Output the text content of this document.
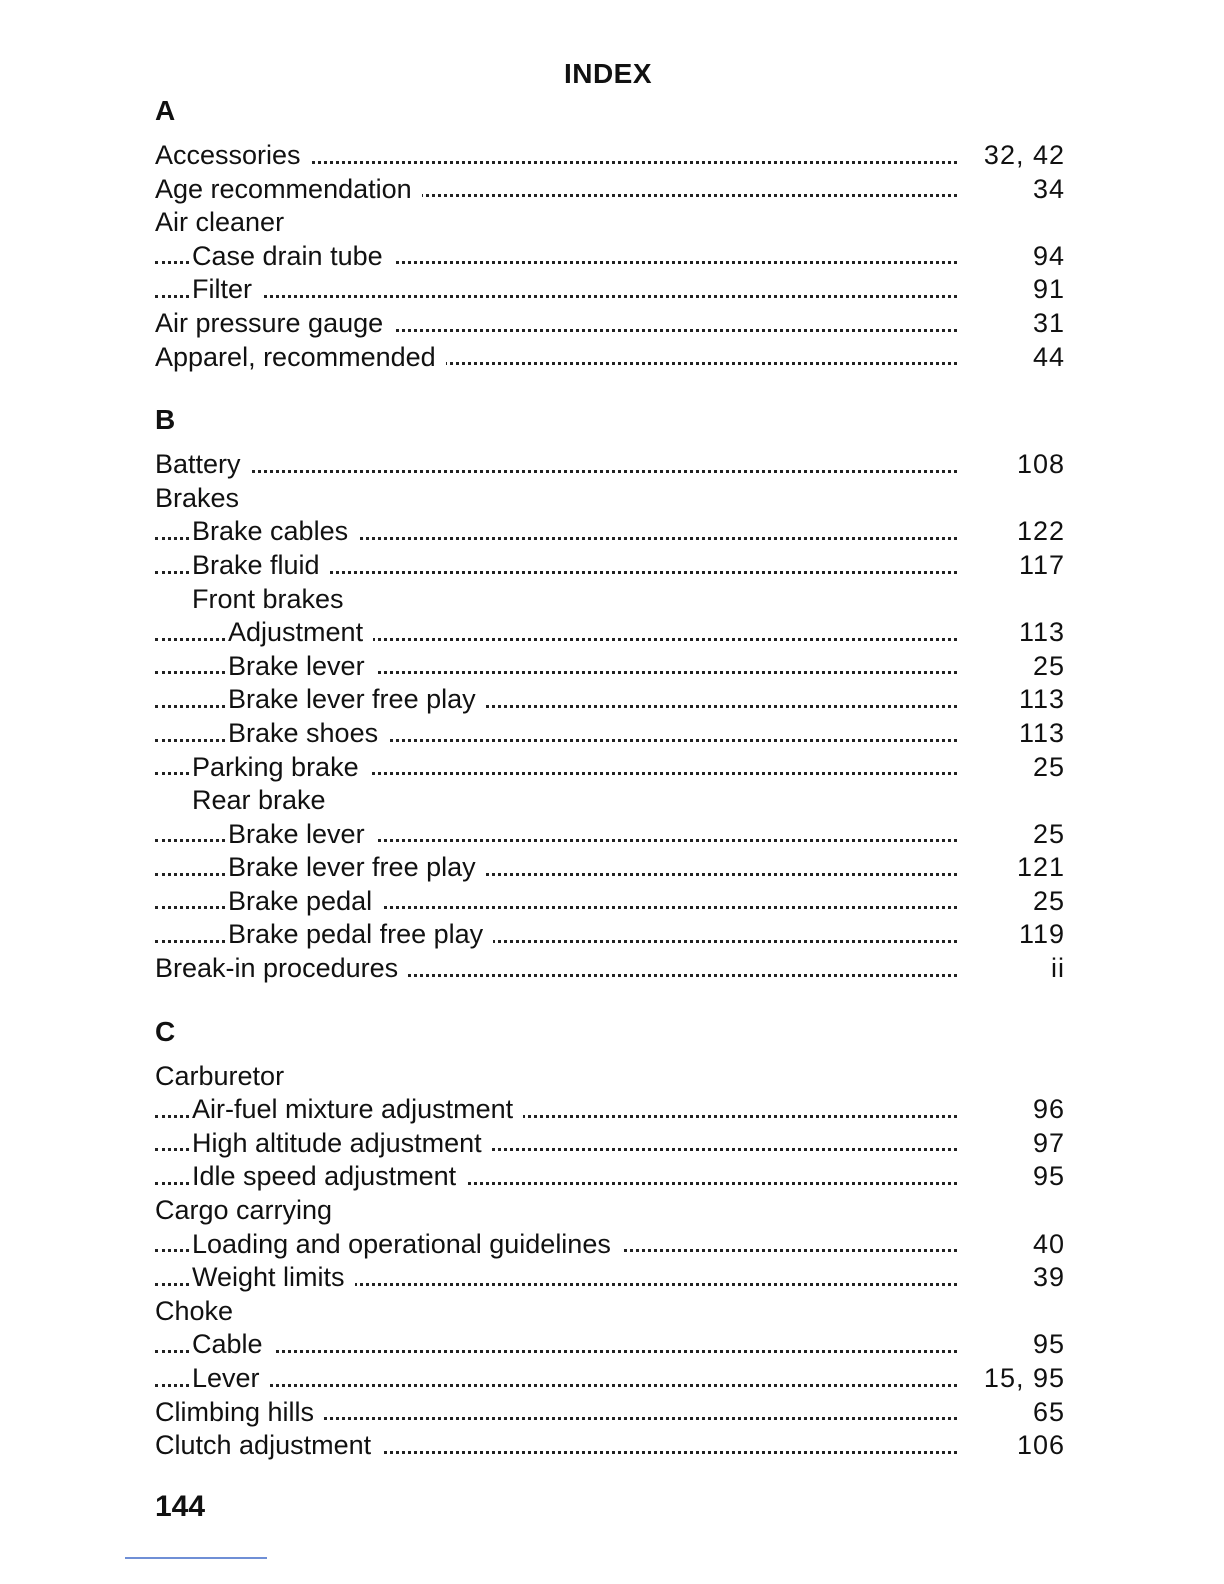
INDEX
A
Accessories	32, 42
Age recommendation	34
Air cleaner
Case drain tube	94
Filter	91
Air pressure gauge	31
Apparel, recommended	44
B
Battery	108
Brakes
Brake cables	122
Brake fluid	117
Front brakes
Adjustment	113
Brake lever	25
Brake lever free play	113
Brake shoes	113
Parking brake	25
Rear brake
Brake lever	25
Brake lever free play	121
Brake pedal	25
Brake pedal free play	119
Break-in procedures	ii
C
Carburetor
Air-fuel mixture adjustment	96
High altitude adjustment	97
Idle speed adjustment	95
Cargo carrying
Loading and operational guidelines	40
Weight limits	39
Choke
Cable	95
Lever	15, 95
Climbing hills	65
Clutch adjustment	106
144
